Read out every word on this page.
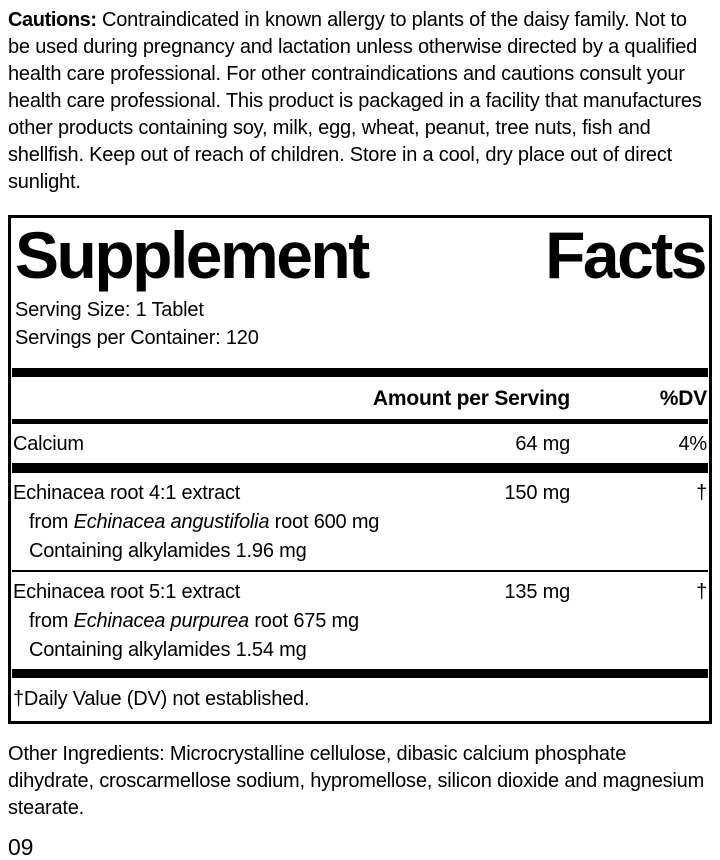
Cautions: Contraindicated in known allergy to plants of the daisy family. Not to be used during pregnancy and lactation unless otherwise directed by a qualified health care professional. For other contraindications and cautions consult your health care professional. This product is packaged in a facility that manufactures other products containing soy, milk, egg, wheat, peanut, tree nuts, fish and shellfish. Keep out of reach of children. Store in a cool, dry place out of direct sunlight.

Supplement	Facts
Serving Size: 1 Tablet
Servings per Container: 120
Amount per Serving	%DV
Calcium	64 mg	4%
Echinacea root 4:1 extract	150 mg	†
from Echinacea angustifolia root 600 mg
Containing alkylamides 1.96 mg
Echinacea root 5:1 extract	135 mg	†
from Echinacea purpurea root 675 mg
Containing alkylamides 1.54 mg
†Daily Value (DV) not established.

Other Ingredients: Microcrystalline cellulose, dibasic calcium phosphate dihydrate, croscarmellose sodium, hypromellose, silicon dioxide and magnesium stearate.

09
